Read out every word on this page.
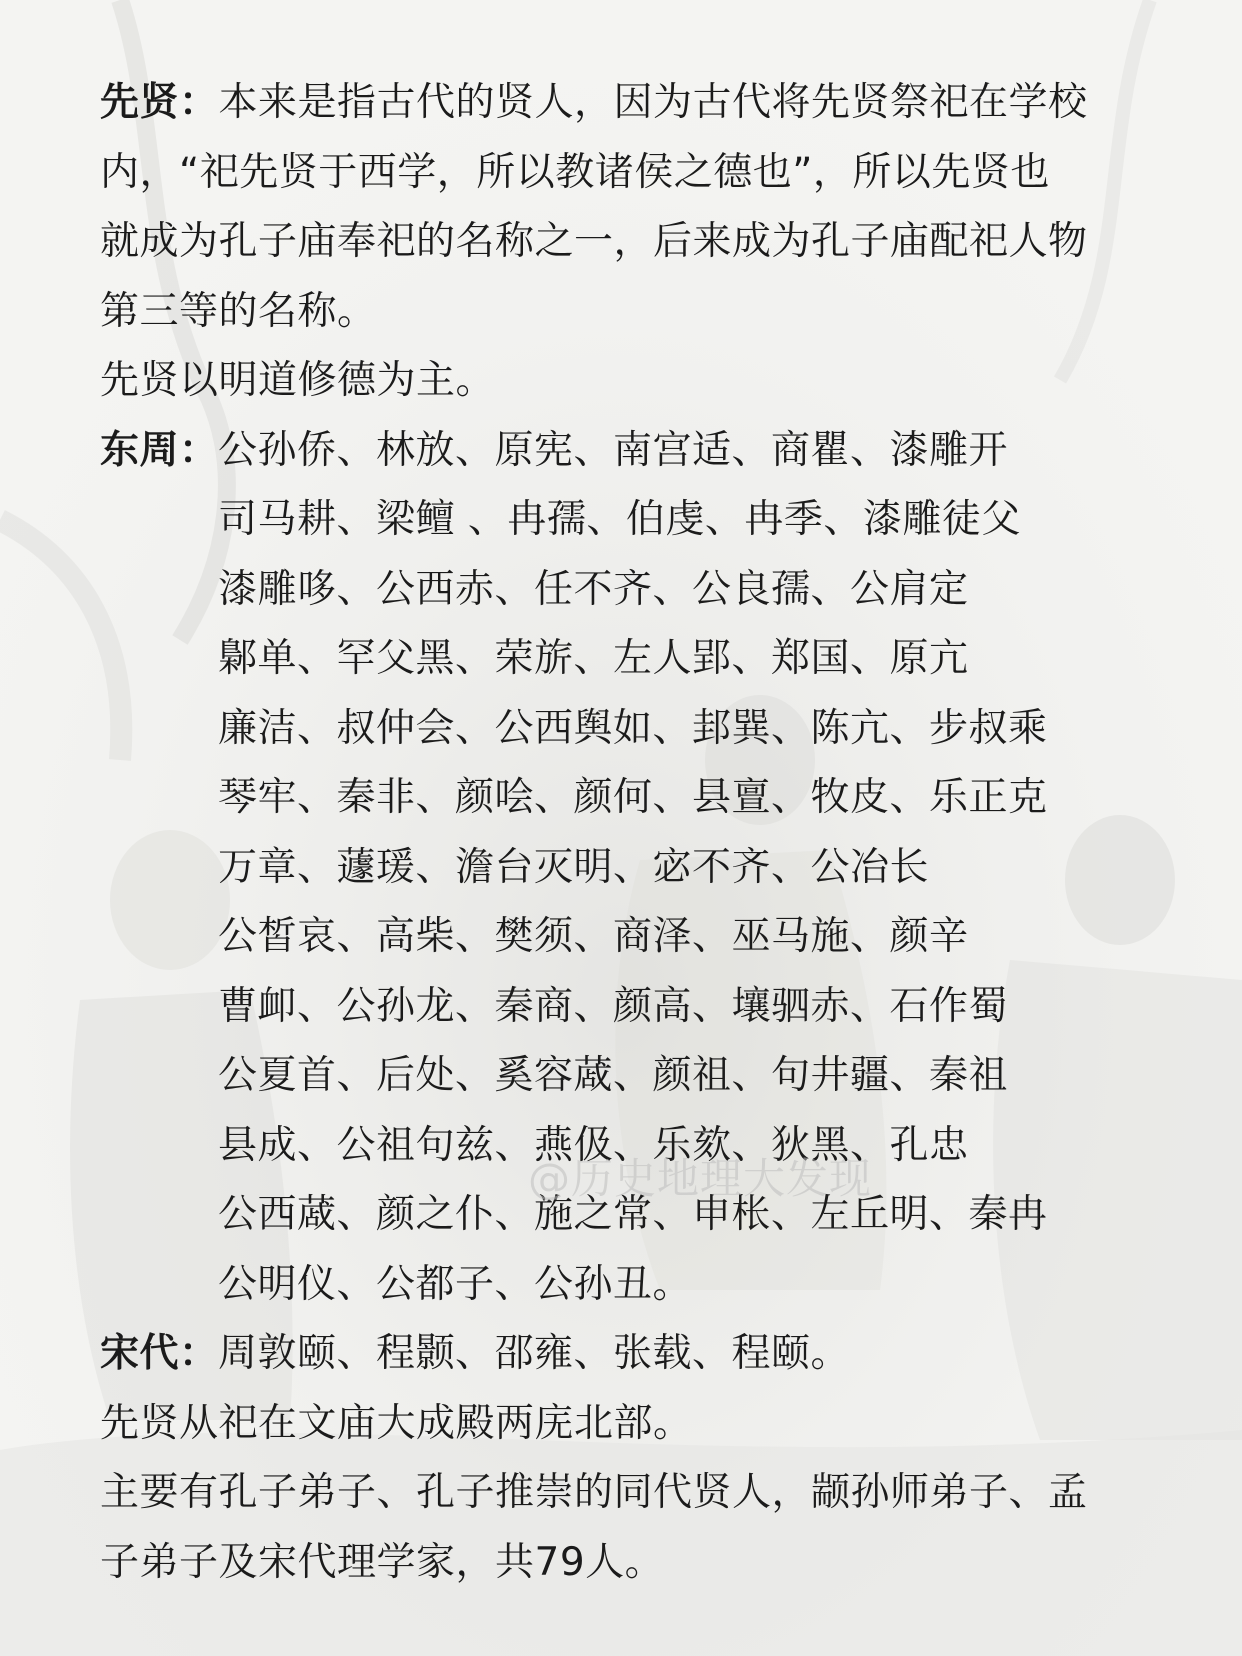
先贤：本来是指古代的贤人，因为古代将先贤祭祀在学校
内，“祀先贤于西学，所以教诸侯之德也”，所以先贤也
就成为孔子庙奉祀的名称之一，后来成为孔子庙配祀人物
第三等的名称。
先贤以明道修德为主。
东周： 公孙侨、林放、原宪、南宫适、商瞿、漆雕开
司马耕、梁鳣 、冉孺、伯虔、冉季、漆雕徒父
漆雕哆、公西赤、任不齐、公良孺、公肩定
鄡单、罕父黑、荣旂、左人郢、郑国、原亢
廉洁、叔仲会、公西舆如、邽巽、陈亢、步叔乘
琴牢、秦非、颜哙、颜何、县亶、牧皮、乐正克
万章、蘧瑗、澹台灭明、宓不齐、公冶长
公皙哀、高柴、樊须、商泽、巫马施、颜辛
曹卹、公孙龙、秦商、颜高、壤驷赤、石作蜀
公夏首、后处、奚容蒧、颜祖、句井疆、秦祖
县成、公祖句兹、燕伋、乐欬、狄黑、孔忠
公西蒧、颜之仆、施之常、申枨、左丘明、秦冉
公明仪、公都子、公孙丑。
宋代： 周敦颐、程颢、邵雍、张载、程颐。
先贤从祀在文庙大成殿两庑北部。
主要有孔子弟子、孔子推崇的同代贤人，颛孙师弟子、孟
子弟子及宋代理学家，共79人。
@历史地理大发现
